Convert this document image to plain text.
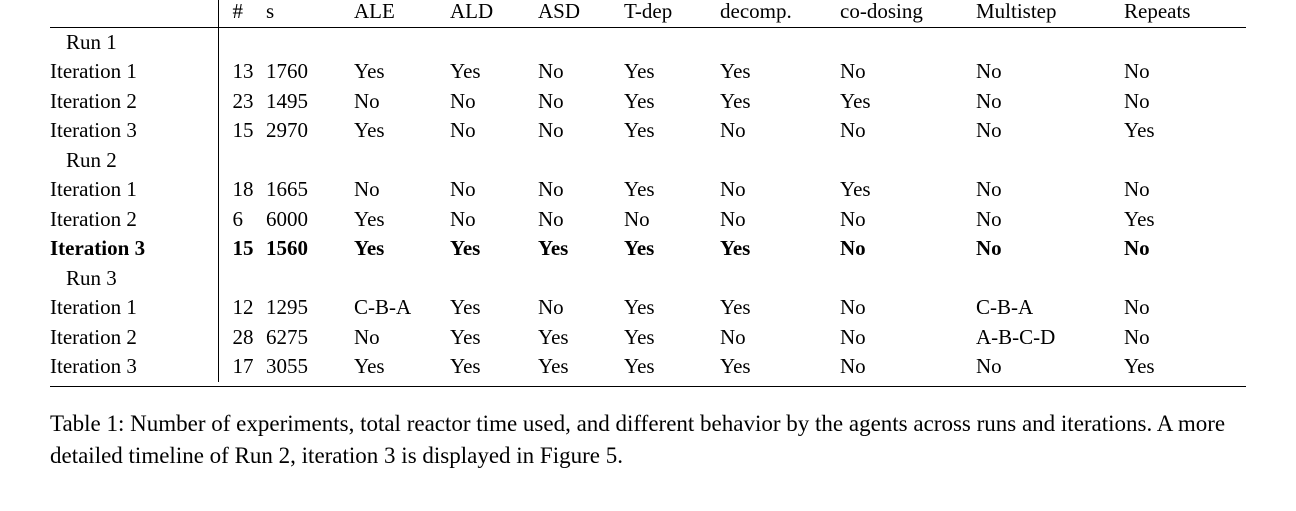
	#	s	ALE	ALD	ASD	T-dep	decomp.	co-dosing	Multistep	Repeats
Run 1										
Iteration 1	13	1760	Yes	Yes	No	Yes	Yes	No	No	No
Iteration 2	23	1495	No	No	No	Yes	Yes	Yes	No	No
Iteration 3	15	2970	Yes	No	No	Yes	No	No	No	Yes
Run 2										
Iteration 1	18	1665	No	No	No	Yes	No	Yes	No	No
Iteration 2	6	6000	Yes	No	No	No	No	No	No	Yes
Iteration 3	15	1560	Yes	Yes	Yes	Yes	Yes	No	No	No
Run 3										
Iteration 1	12	1295	C-B-A	Yes	No	Yes	Yes	No	C-B-A	No
Iteration 2	28	6275	No	Yes	Yes	Yes	No	No	A-B-C-D	No
Iteration 3	17	3055	Yes	Yes	Yes	Yes	Yes	No	No	Yes
Table 1: Number of experiments, total reactor time used, and different behavior by the agents across runs and iterations. A more detailed timeline of Run 2, iteration 3 is displayed in Figure 5.
